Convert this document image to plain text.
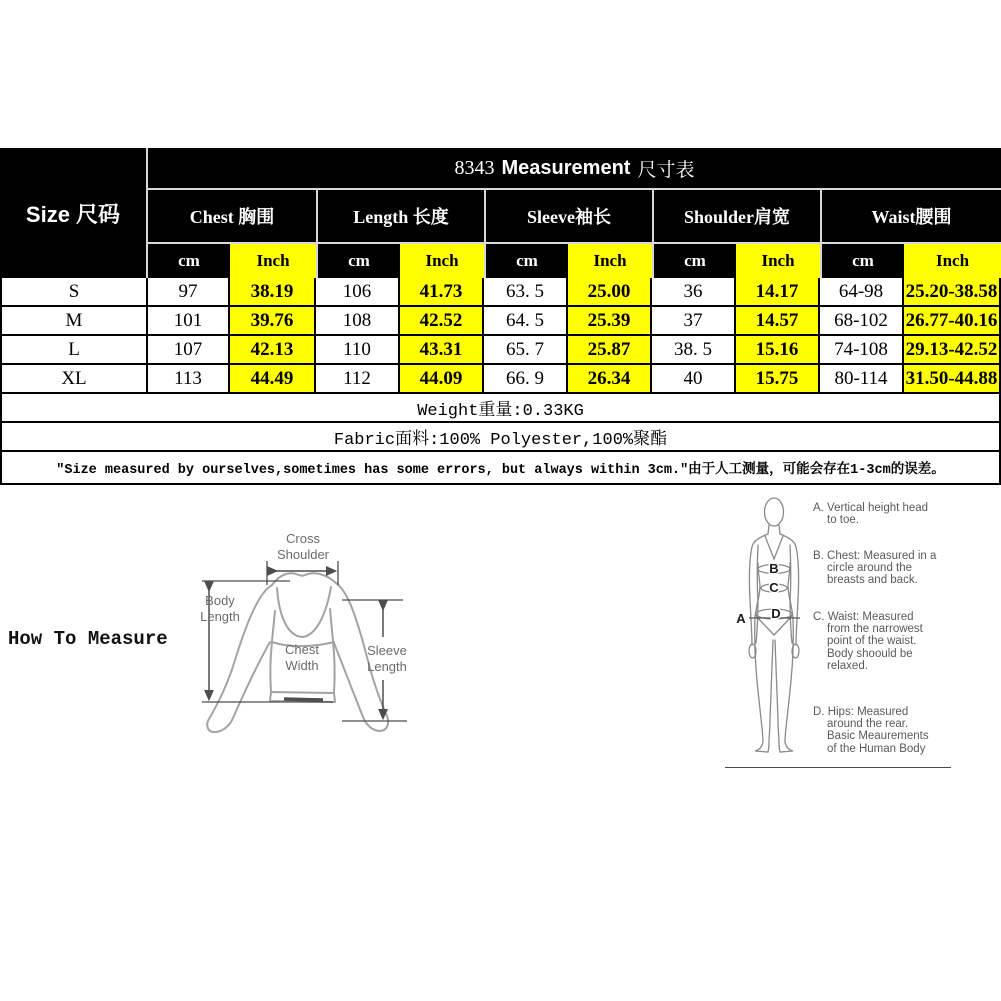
Size 尺码
8343 Measurement 尺寸表
Chest 胸围	Length 长度	Sleeve袖长	Shoulder肩宽	Waist腰围
cm	Inch	cm	Inch	cm	Inch	cm	Inch	cm	Inch
S	97	38.19	106	41.73	63. 5	25.00	36	14.17	64-98	25.20-38.58
M	101	39.76	108	42.52	64. 5	25.39	37	14.57	68-102 26.77-40.16
L	107	42.13	110	43.31	65. 7	25.87	38. 5	15.16	74-108 29.13-42.52
XL	113	44.49	112	44.09	66. 9	26.34	40	15.75	80-114 31.50-44.88
Weight重量:0.33KG
Fabric面料:100% Polyester,100%聚酯
″Size measured by ourselves,sometimes has some errors, but always within 3cm.″由于人工测量，可能会存在1-3cm的误差。
How To Measure
Cross
Shoulder
Body
Length
Chest
Width
Sleeve
Length
A
B
C
D
A. Vertical height head
to toe.
B. Chest: Measured in a
circle around the
breasts and back.
C. Waist: Measured
from the narrowest
point of the waist.
Body shoould be
relaxed.
D. Hips: Measured
around the rear.
Basic Meaurements
of the Human Body
